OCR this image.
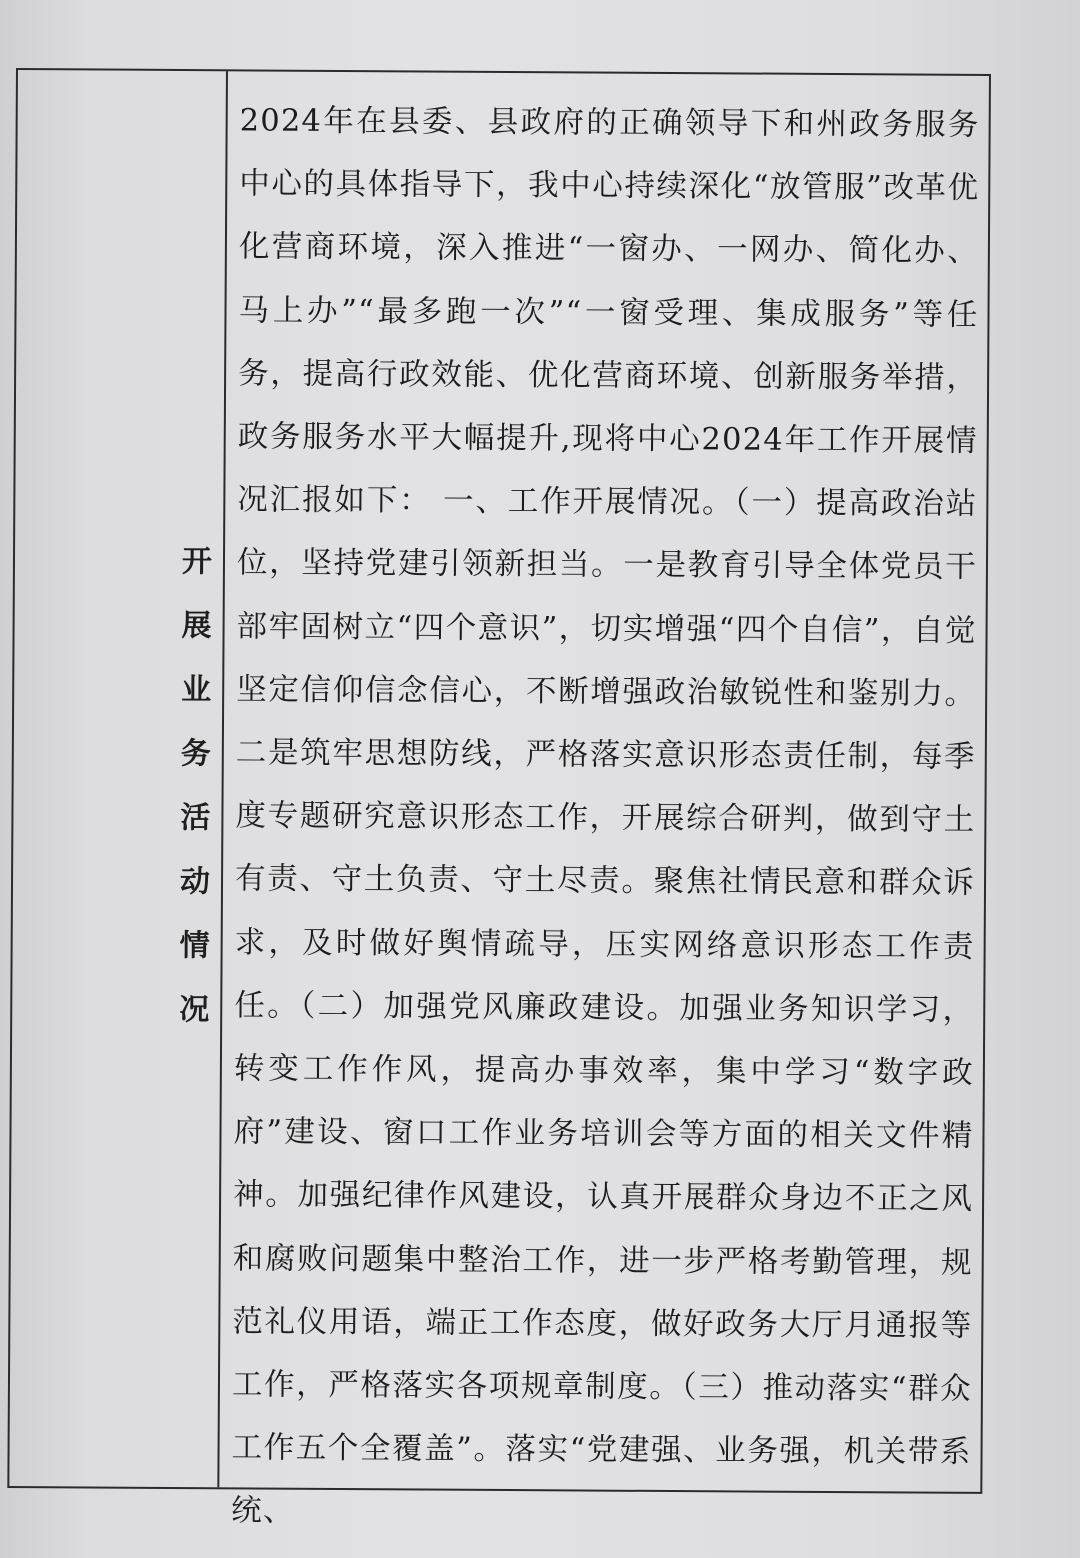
开展业务活动情况

2024年在县委、县政府的正确领导下和州政务服务中心的具体指导下，我中心持续深化“放管服”改革优化营商环境，深入推进“一窗办、一网办、简化办、马上办”“最多跑一次”“一窗受理、集成服务”等任务，提高行政效能、优化营商环境、创新服务举措，政务服务水平大幅提升,现将中心2024年工作开展情况汇报如下： 一、工作开展情况。（一）提高政治站位，坚持党建引领新担当。一是教育引导全体党员干部牢固树立“四个意识”，切实增强“四个自信”，自觉坚定信仰信念信心，不断增强政治敏锐性和鉴别力。二是筑牢思想防线，严格落实意识形态责任制，每季度专题研究意识形态工作，开展综合研判，做到守土有责、守土负责、守土尽责。聚焦社情民意和群众诉求，及时做好舆情疏导，压实网络意识形态工作责任。（二）加强党风廉政建设。加强业务知识学习，转变工作作风，提高办事效率，集中学习“数字政府”建设、窗口工作业务培训会等方面的相关文件精神。加强纪律作风建设，认真开展群众身边不正之风和腐败问题集中整治工作，进一步严格考勤管理，规范礼仪用语，端正工作态度，做好政务大厅月通报等工作，严格落实各项规章制度。（三）推动落实“群众工作五个全覆盖”。落实“党建强、业务强，机关带系统、
